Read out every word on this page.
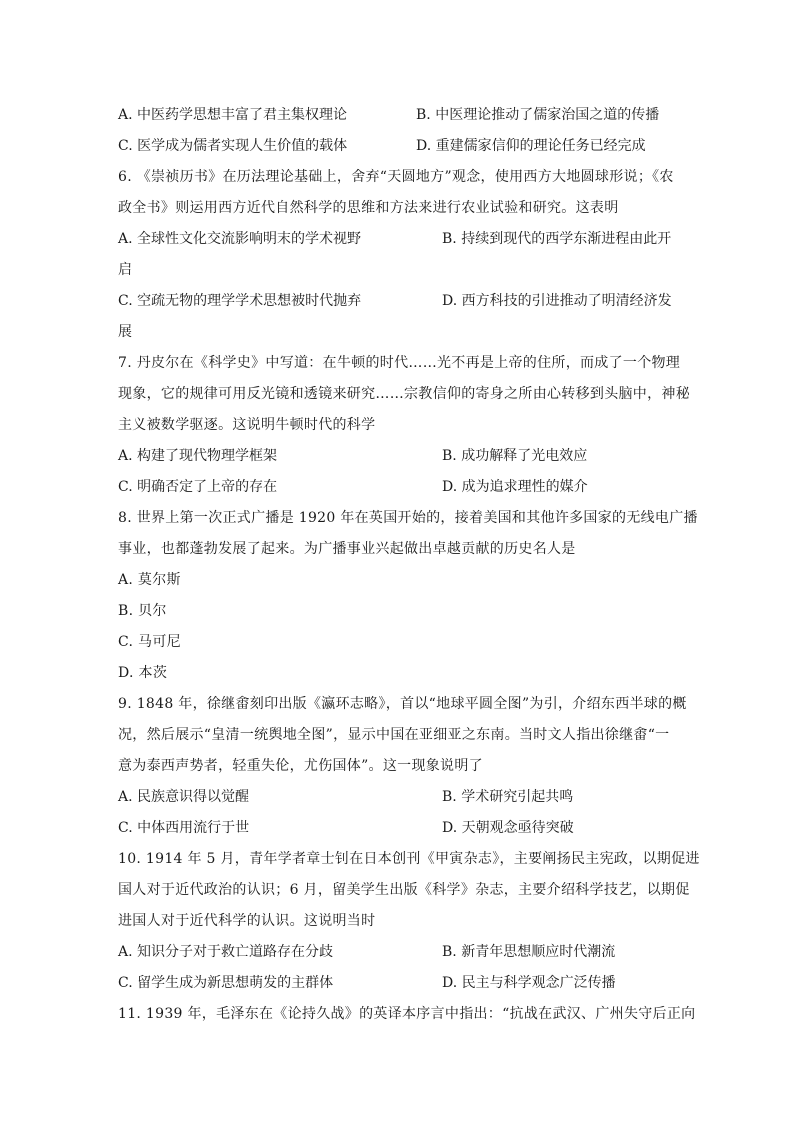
A. 中医药学思想丰富了君主集权理论	B. 中医理论推动了儒家治国之道的传播
C. 医学成为儒者实现人生价值的载体	D. 重建儒家信仰的理论任务已经完成
6. 《崇祯历书》在历法理论基础上，舍弃“天圆地方”观念，使用西方大地圆球形说；《农
政全书》则运用西方近代自然科学的思维和方法来进行农业试验和研究。这表明
A. 全球性文化交流影响明末的学术视野	B. 持续到现代的西学东渐进程由此开
启
C. 空疏无物的理学学术思想被时代抛弃	D. 西方科技的引进推动了明清经济发
展
7. 丹皮尔在《科学史》中写道：在牛顿的时代……光不再是上帝的住所，而成了一个物理
现象，它的规律可用反光镜和透镜来研究……宗教信仰的寄身之所由心转移到头脑中，神秘
主义被数学驱逐。这说明牛顿时代的科学
A. 构建了现代物理学框架	B. 成功解释了光电效应
C. 明确否定了上帝的存在	D. 成为追求理性的媒介
8. 世界上第一次正式广播是 1920 年在英国开始的，接着美国和其他许多国家的无线电广播
事业，也都蓬勃发展了起来。为广播事业兴起做出卓越贡献的历史名人是
A. 莫尔斯
B. 贝尔
C. 马可尼
D. 本茨
9. 1848 年，徐继畬刻印出版《瀛环志略》，首以“地球平圆全图”为引，介绍东西半球的概
况，然后展示“皇清一统舆地全图”，显示中国在亚细亚之东南。当时文人指出徐继畬“一
意为泰西声势者，轻重失伦，尤伤国体”。这一现象说明了
A. 民族意识得以觉醒	B. 学术研究引起共鸣
C. 中体西用流行于世	D. 天朝观念亟待突破
10. 1914 年 5 月，青年学者章士钊在日本创刊《甲寅杂志》，主要阐扬民主宪政，以期促进
国人对于近代政治的认识；6 月，留美学生出版《科学》杂志，主要介绍科学技艺，以期促
进国人对于近代科学的认识。这说明当时
A. 知识分子对于救亡道路存在分歧	B. 新青年思想顺应时代潮流
C. 留学生成为新思想萌发的主群体	D. 民主与科学观念广泛传播
11. 1939 年，毛泽东在《论持久战》的英译本序言中指出：“抗战在武汉、广州失守后正向
